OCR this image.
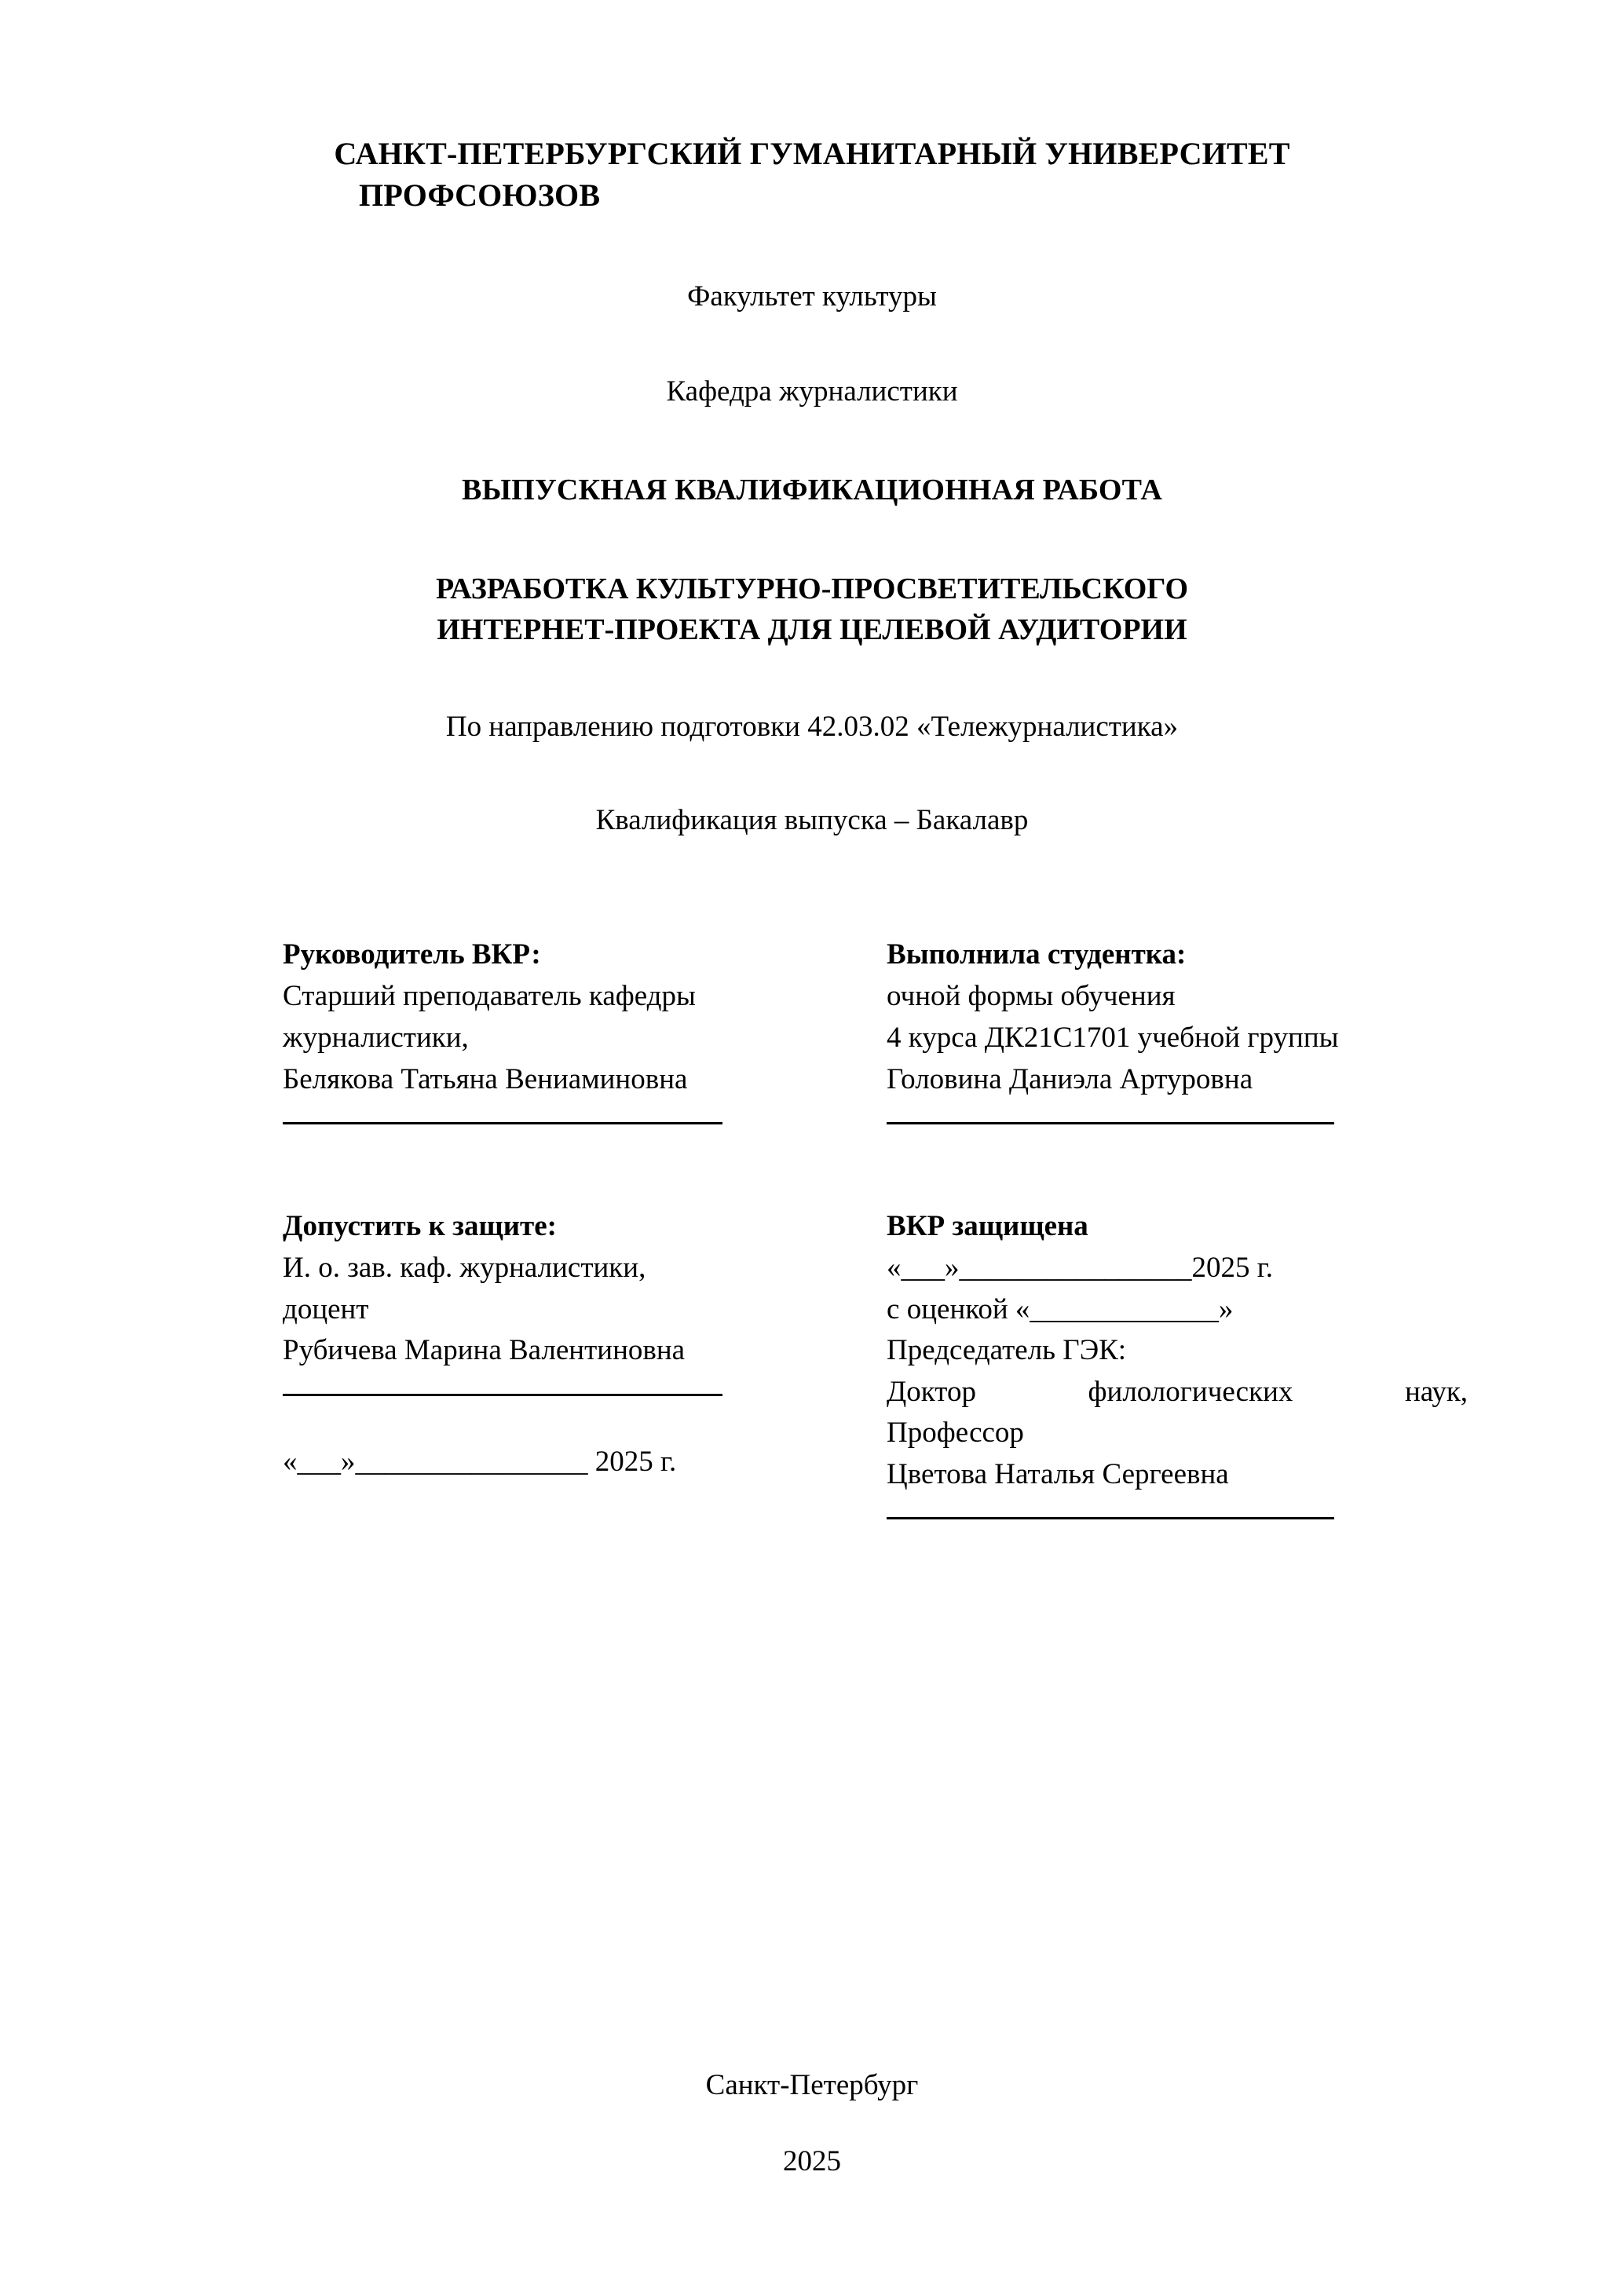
САНКТ-ПЕТЕРБУРГСКИЙ ГУМАНИТАРНЫЙ УНИВЕРСИТЕТ
ПРОФСОЮЗОВ
Факультет культуры
Кафедра журналистики
ВЫПУСКНАЯ КВАЛИФИКАЦИОННАЯ РАБОТА
РАЗРАБОТКА КУЛЬТУРНО-ПРОСВЕТИТЕЛЬСКОГО
ИНТЕРНЕТ-ПРОЕКТА ДЛЯ ЦЕЛЕВОЙ АУДИТОРИИ
По направлению подготовки 42.03.02 «Тележурналистика»
Квалификация выпуска – Бакалавр

Руководитель ВКР:

Старший преподаватель кафедры

журналистики,

Белякова Татьяна Вениаминовна

Выполнила студентка:

очной формы обучения

4 курса ДК21С1701 учебной группы

Головина Даниэла Артуровна

Допустить к защите:

И. о. зав. каф. журналистики,

доцент

Рубичева Марина Валентиновна

«___»________________ 2025 г.

ВКР защищена

«___»________________2025 г.

с оценкой «_____________»

Председатель ГЭК:

Доктор филологических наук,

Профессор

Цветова Наталья Сергеевна

Санкт-Петербург
2025
